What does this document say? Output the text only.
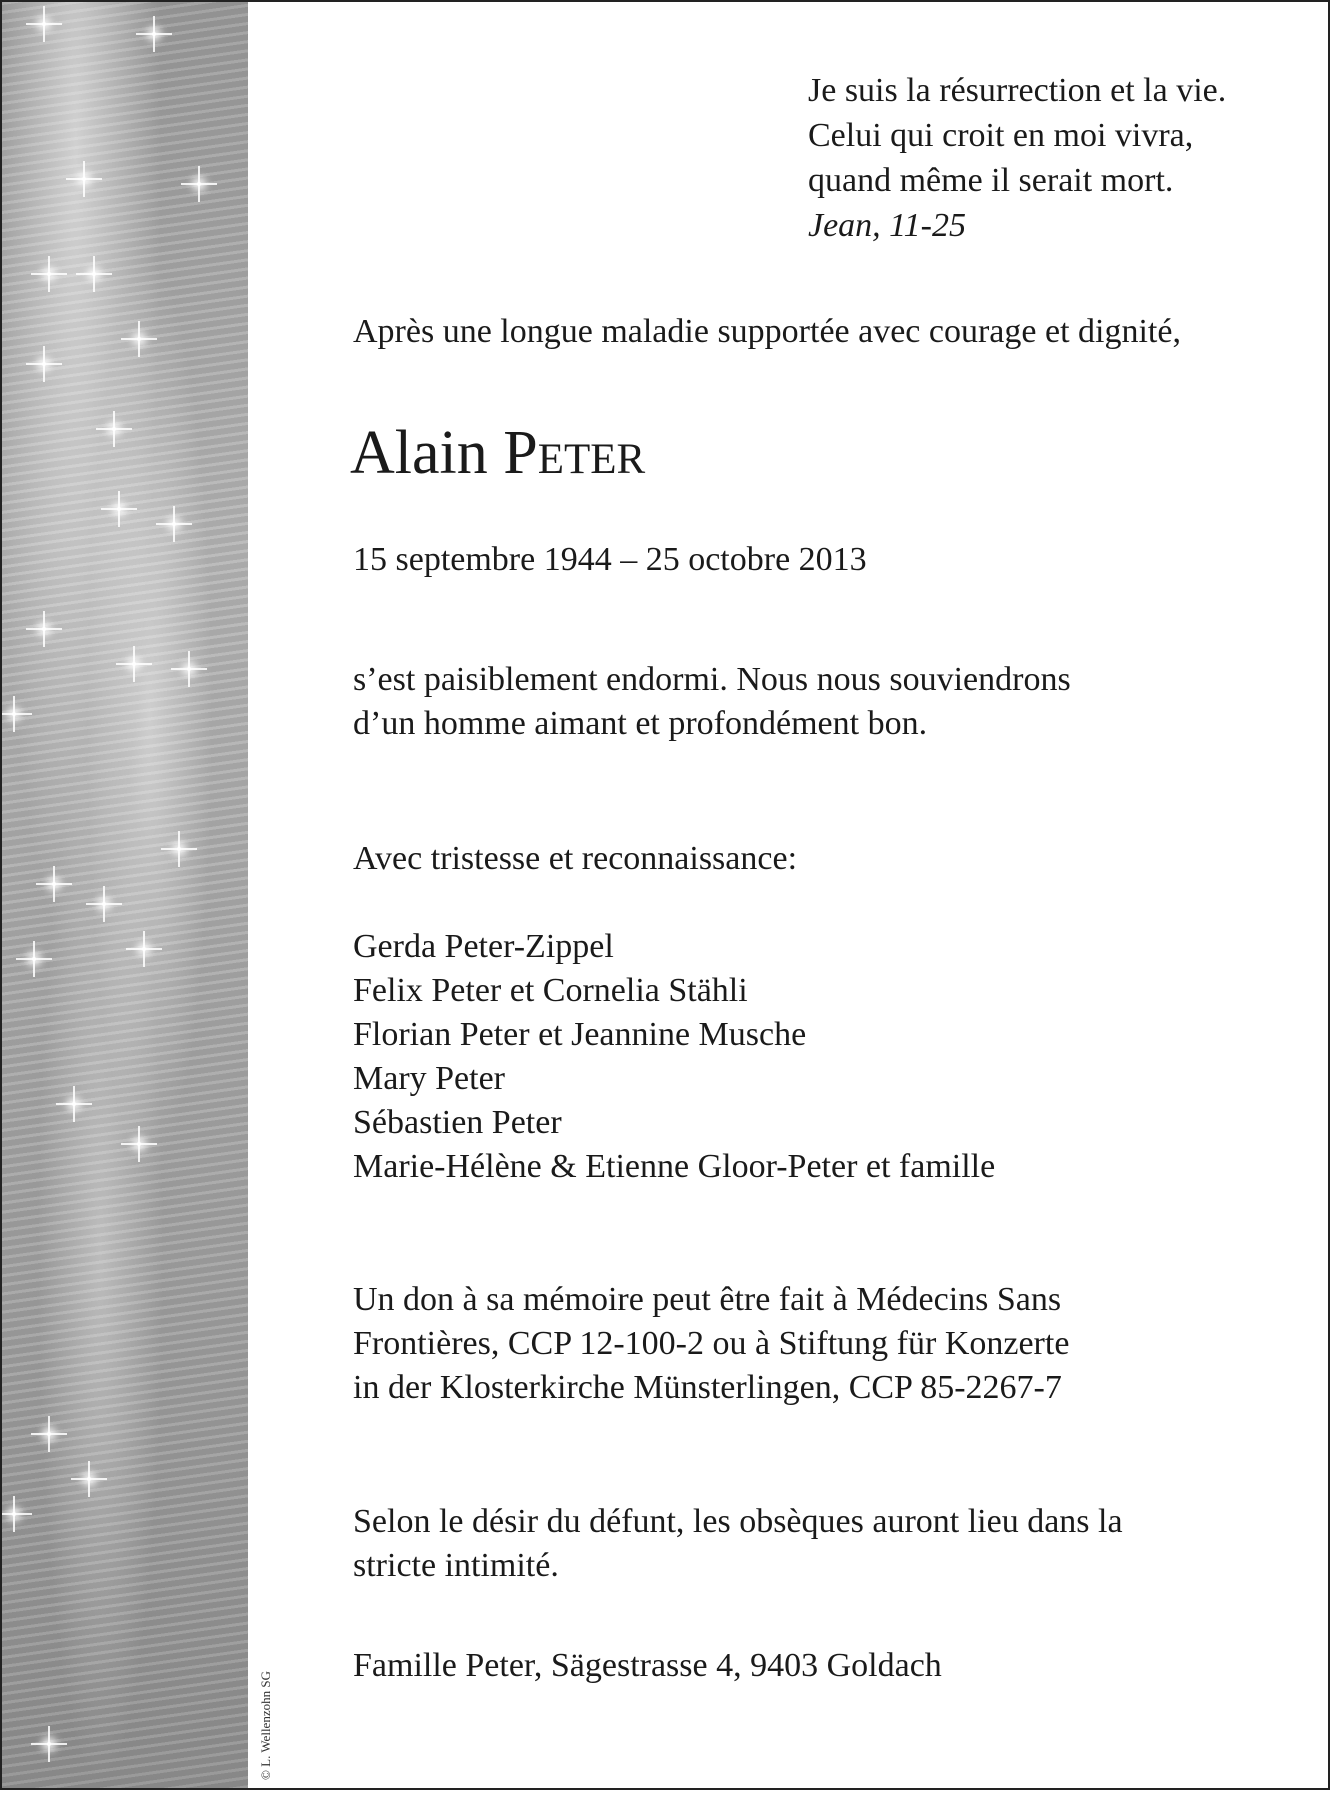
© L. Wellenzohn SG
Je suis la résurrection et la vie.
Celui qui croit en moi vivra,
quand même il serait mort.
Jean, 11-25
Après une longue maladie supportée avec courage et dignité,
Alain Peter
15 septembre 1944 – 25 octobre 2013
s’est paisiblement endormi. Nous nous souviendrons
d’un homme aimant et profondément bon.
Avec tristesse et reconnaissance:
Gerda Peter-Zippel
Felix Peter et Cornelia Stähli
Florian Peter et Jeannine Musche
Mary Peter
Sébastien Peter
Marie-Hélène & Etienne Gloor-Peter et famille
Un don à sa mémoire peut être fait à Médecins Sans
Frontières, CCP 12-100-2 ou à Stiftung für Konzerte
in der Klosterkirche Münsterlingen, CCP 85-2267-7
Selon le désir du défunt, les obsèques auront lieu dans la
stricte intimité.
Famille Peter, Sägestrasse 4, 9403 Goldach
